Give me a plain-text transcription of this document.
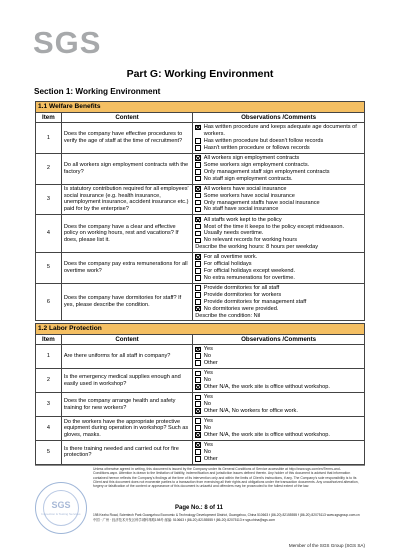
SGS
Part G: Working Environment
Section 1: Working Environment
1.1 Welfare Benefits		
Item	Content	Observations /Comments
1	Does the company have effective procedures to verify the age of staff at the time of recruitment?	Has written procedure and keeps adequate age documents of workers.
Has written procedure but doesn't follow records
Hasn't written procedure or follows records

2	Do all workers sign employment contracts with the factory?	All workers sign employment contracts
Some workers sign employment contracts.
Only management staff sign employment contracts
No staff sign employment contracts.

3	Is statutory contribution required for all employees' social insurance (e.g. health insurance, unemployment insurance, accident insurance etc.) paid for by the enterprise?	All workers have social insurance
Some workers have social insurance
Only management staffs have social insurance
No staff have social insurance

4	Does the company have a clear and effective policy on working hours, rest and vacations? If does, please list it.	All staffs work kept to the policy
Most of the time it keeps to the policy except midseason.
Usually needs overtime.
No relevant records for working hours
Describe the working hours: 8 hours per weekday

5	Does the company pay extra remunerations for all overtime work?	For all overtime work.
For official holidays
For official holidays except weekend.
No extra remunerations for overtime.

6	Does the company have dormitories for staff? If yes, please describe the condition.	Provide dormitories for all staff
Provide dormitories for workers
Provide dormitories for management staff
No dormitories were provided.
Describe the condition: Nil
1.2 Labor Protection		
Item	Content	Observations /Comments
1	Are there uniforms for all staff in company?	Yes
No
Other

2	Is the emergency medical supplies enough and easily used in workshop?	Yes
No
Other N/A, the work site is office without workshop.

3	Does the company arrange health and safety training for new workers?	Yes
No
Other N/A, No workers for office work.

4	Do the workers have the appropriate protective equipment during operation in workshop? Such as gloves, masks.	Yes
No
Other N/A, the work site is office without workshop.

5	Is there training needed and carried out for fire protection?	Yes
No
Other
Unless otherwise agreed in writing, this document is issued by the Company under its General Conditions of Service accessible at http://www.sgs.com/en/Terms-and-Conditions.aspx. Attention is drawn to the limitation of liability, indemnification and jurisdiction issues defined therein. Any holder of this document is advised that information contained hereon reflects the Company's findings at the time of its intervention only and within the limits of Client's instructions, if any. The Company's sole responsibility is to its Client and this document does not exonerate parties to a transaction from exercising all their rights and obligations under the transaction documents. Any unauthorized alteration, forgery or falsification of the content or appearance of this document is unlawful and offenders may be prosecuted to the fullest extent of the law.
SGS
Inspection & Testing Services
Page No.: 8 of 11
198 Kezhu Road, Scientech Park Guangzhou Economic & Technology Development District, Guangzhou, China 510663 t (86-20) 82155555 f (86-20) 82075113 www.sgsgroup.com.cn
中国 · 广州 · 经济技术开发区科学城科珠路198号 邮编: 510663 t (86-20) 82155555 f (86-20) 82075113 e sgs.china@sgs.com
Member of the SGS Group (SGS SA)
